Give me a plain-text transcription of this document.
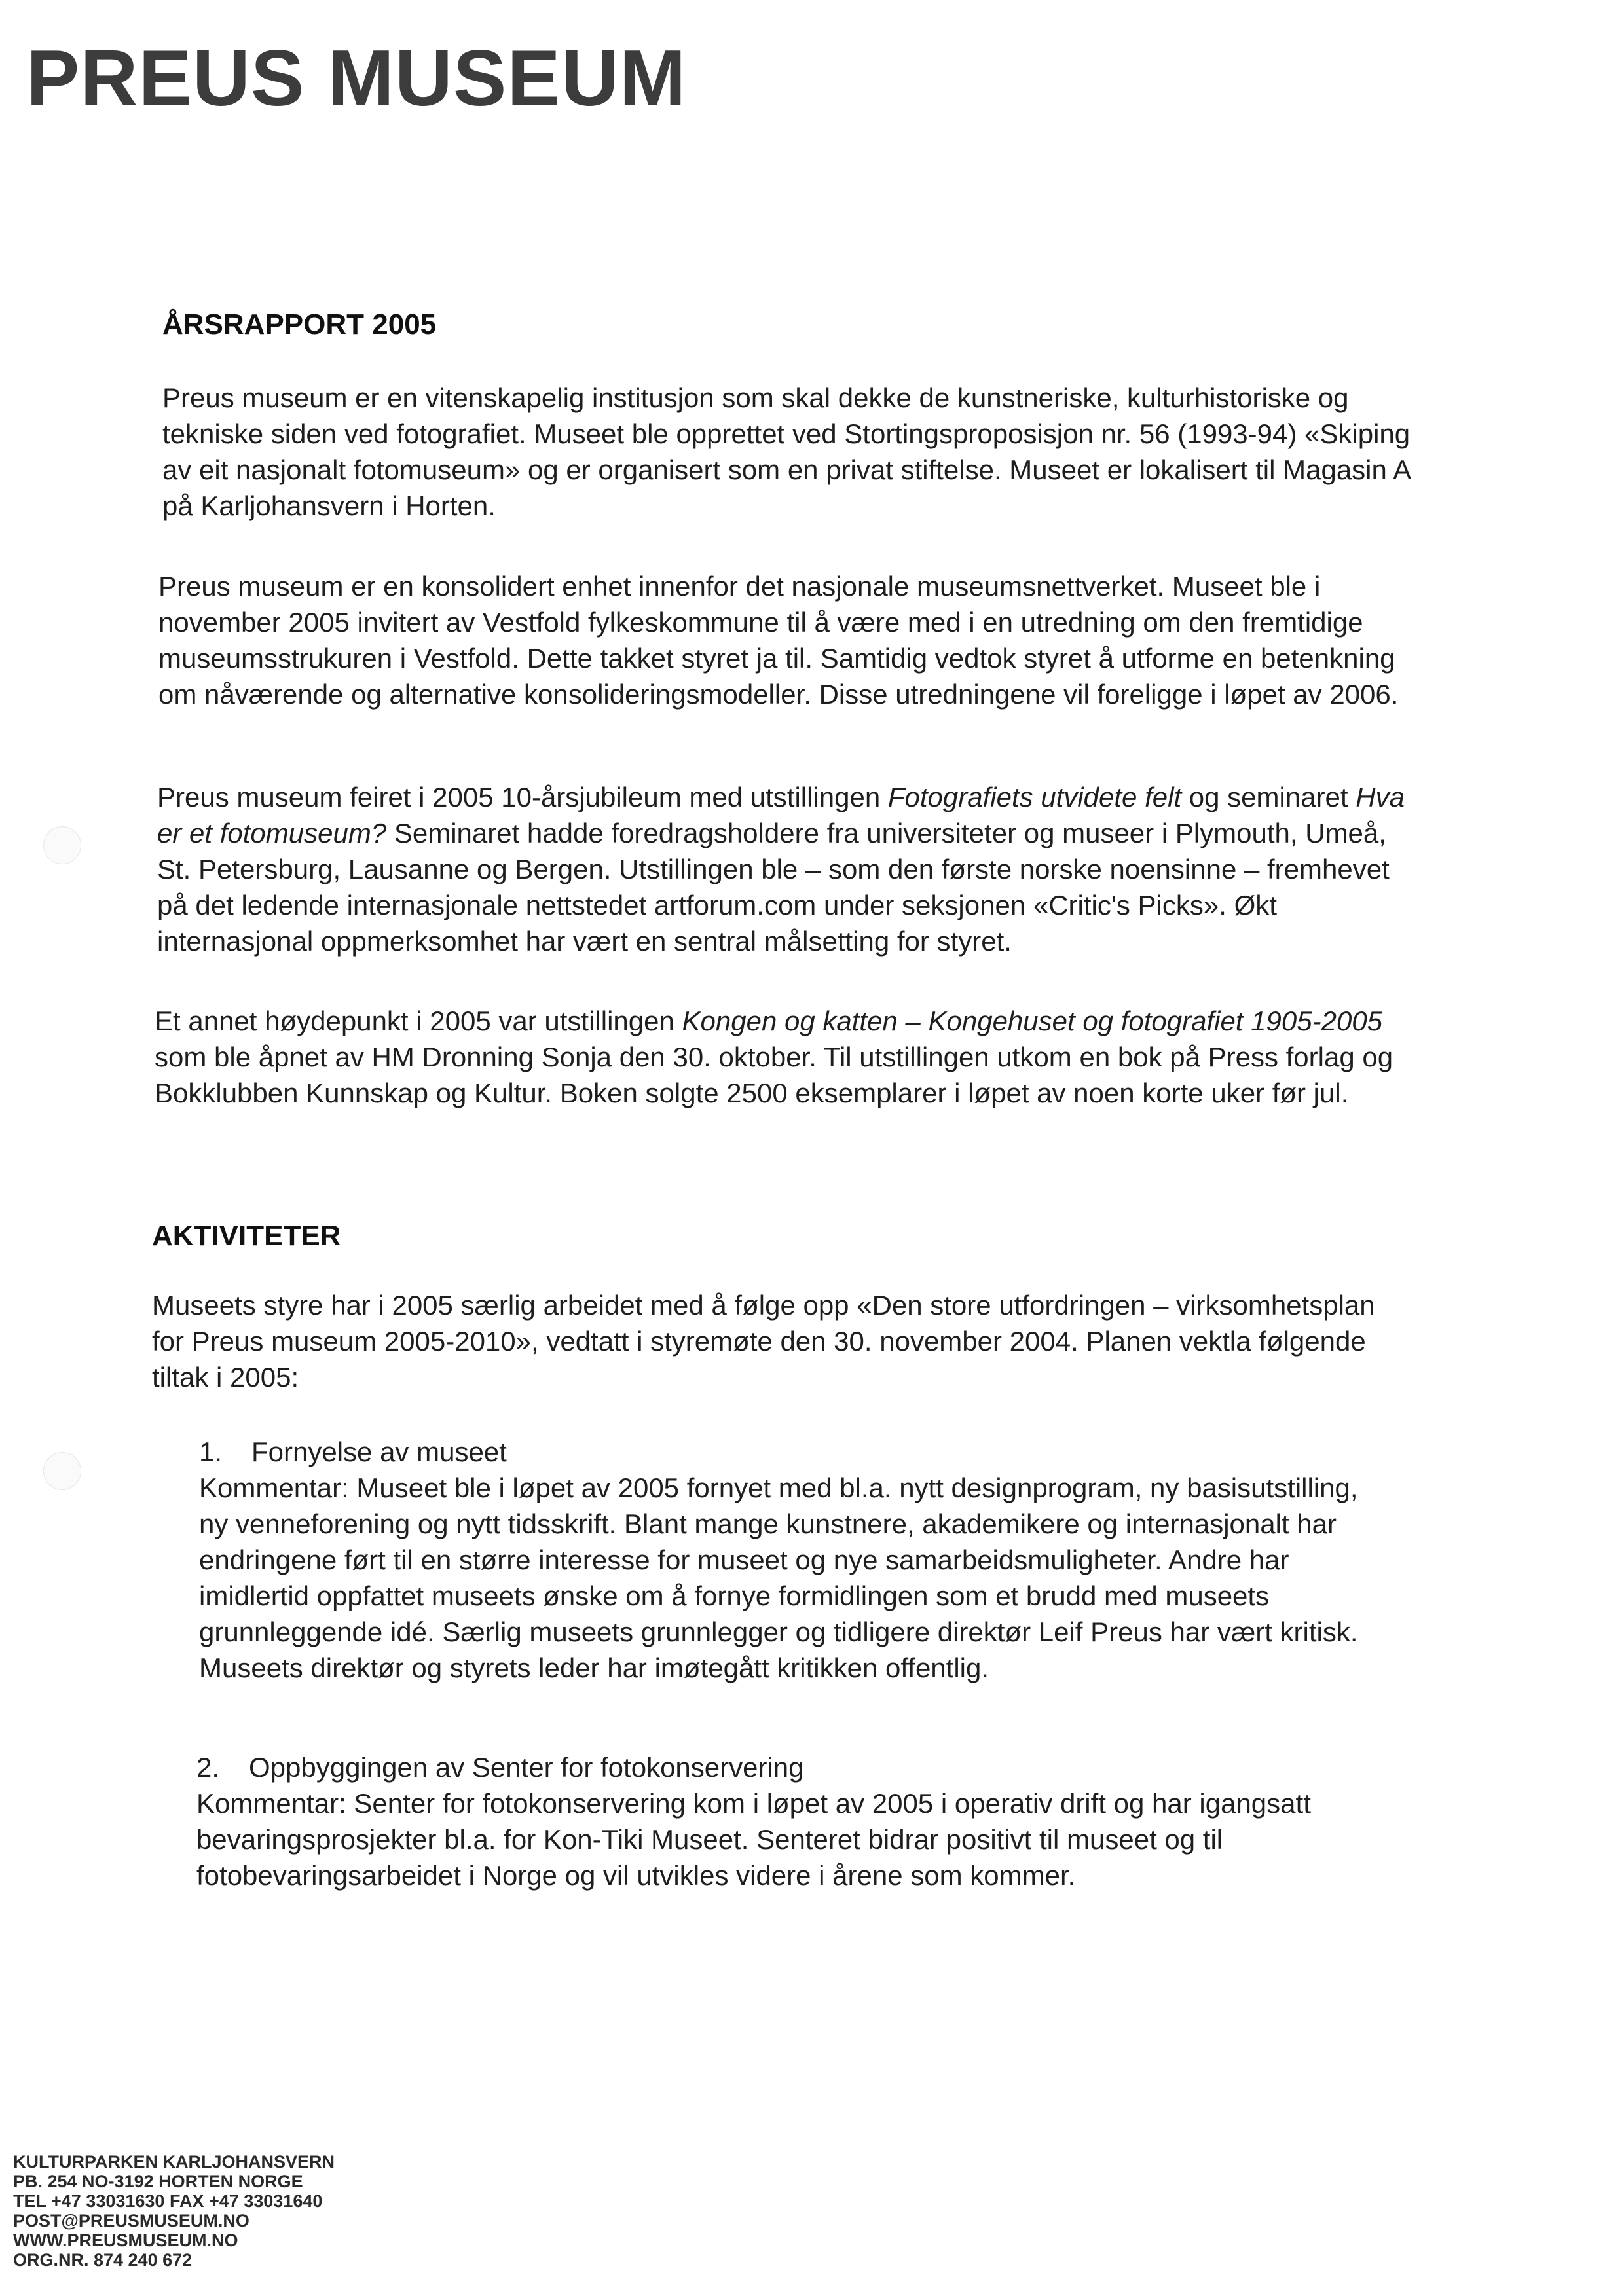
PREUS MUSEUM
ÅRSRAPPORT 2005

Preus museum er en vitenskapelig institusjon som skal dekke de kunstneriske, kulturhistoriske og tekniske siden ved fotografiet. Museet ble opprettet ved Stortingsproposisjon nr. 56 (1993-94) «Skiping av eit nasjonalt fotomuseum» og er organisert som en privat stiftelse. Museet er lokalisert til Magasin A på Karljohansvern i Horten.

Preus museum er en konsolidert enhet innenfor det nasjonale museumsnettverket. Museet ble i november 2005 invitert av Vestfold fylkeskommune til å være med i en utredning om den fremtidige museumsstrukuren i Vestfold. Dette takket styret ja til. Samtidig vedtok styret å utforme en betenkning om nåværende og alternative konsolideringsmodeller. Disse utredningene vil foreligge i løpet av 2006.

Preus museum feiret i 2005 10-årsjubileum med utstillingen Fotografiets utvidete felt og seminaret Hva er et fotomuseum? Seminaret hadde foredragsholdere fra universiteter og museer i Plymouth, Umeå, St. Petersburg, Lausanne og Bergen. Utstillingen ble – som den første norske noensinne – fremhevet på det ledende internasjonale nettstedet artforum.com under seksjonen «Critic's Picks». Økt internasjonal oppmerksomhet har vært en sentral målsetting for styret.

Et annet høydepunkt i 2005 var utstillingen Kongen og katten – Kongehuset og fotografiet 1905-2005 som ble åpnet av HM Dronning Sonja den 30. oktober. Til utstillingen utkom en bok på Press forlag og Bokklubben Kunnskap og Kultur. Boken solgte 2500 eksemplarer i løpet av noen korte uker før jul.

AKTIVITETER

Museets styre har i 2005 særlig arbeidet med å følge opp «Den store utfordringen – virksomhetsplan for Preus museum 2005-2010», vedtatt i styremøte den 30. november 2004. Planen vektla følgende tiltak i 2005:

1. Fornyelse av museet
Kommentar: Museet ble i løpet av 2005 fornyet med bl.a. nytt designprogram, ny basisutstilling, ny venneforening og nytt tidsskrift. Blant mange kunstnere, akademikere og internasjonalt har endringene ført til en større interesse for museet og nye samarbeidsmuligheter. Andre har imidlertid oppfattet museets ønske om å fornye formidlingen som et brudd med museets grunnleggende idé. Særlig museets grunnlegger og tidligere direktør Leif Preus har vært kritisk. Museets direktør og styrets leder har imøtegått kritikken offentlig.
2. Oppbyggingen av Senter for fotokonservering
Kommentar: Senter for fotokonservering kom i løpet av 2005 i operativ drift og har igangsatt bevaringsprosjekter bl.a. for Kon-Tiki Museet. Senteret bidrar positivt til museet og til fotobevaringsarbeidet i Norge og vil utvikles videre i årene som kommer.
KULTURPARKEN KARLJOHANSVERN
PB. 254 NO-3192 HORTEN NORGE
TEL +47 33031630 FAX +47 33031640
POST@PREUSMUSEUM.NO
WWW.PREUSMUSEUM.NO
ORG.NR. 874 240 672
